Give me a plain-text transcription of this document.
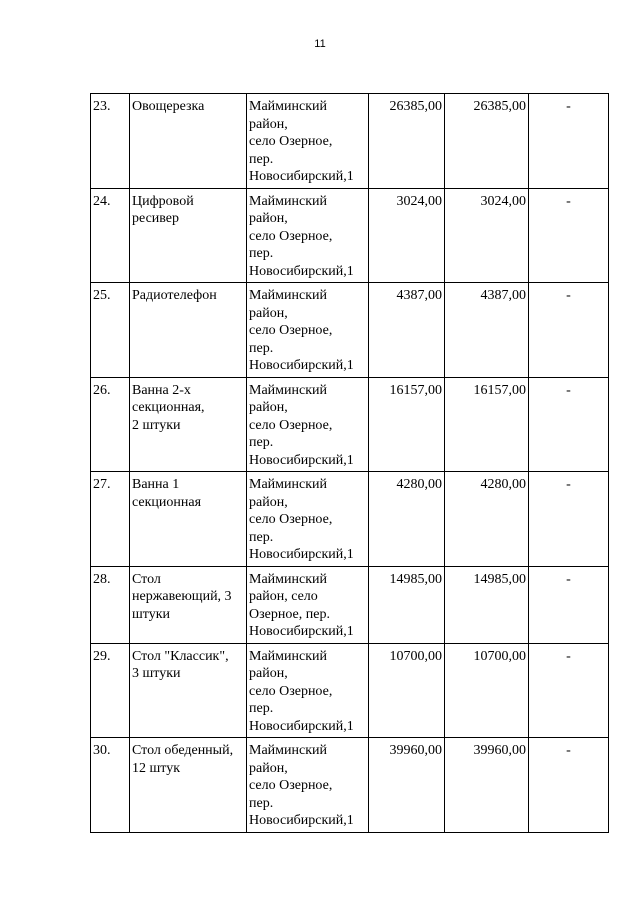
11
23.	Овощерезка	Майминский
район,
село Озерное,
пер.
Новосибирский,1	26385,00	26385,00	-

24.	Цифровой
ресивер	Майминский
район,
село Озерное,
пер.
Новосибирский,1	3024,00	3024,00	-

25.	Радиотелефон	Майминский
район,
село Озерное,
пер.
Новосибирский,1	4387,00	4387,00	-

26.	Ванна 2-х
секционная,
2 штуки	Майминский
район,
село Озерное,
пер.
Новосибирский,1	16157,00	16157,00	-

27.	Ванна 1
секционная	Майминский
район,
село Озерное,
пер.
Новосибирский,1	4280,00	4280,00	-

28.	Стол
нержавеющий, 3
штуки	Майминский
район, село
Озерное, пер.
Новосибирский,1	14985,00	14985,00	-

29.	Стол "Классик",
3 штуки	Майминский
район,
село Озерное,
пер.
Новосибирский,1	10700,00	10700,00	-

30.	Стол обеденный,
12 штук	Майминский
район,
село Озерное,
пер.
Новосибирский,1	39960,00	39960,00	-
